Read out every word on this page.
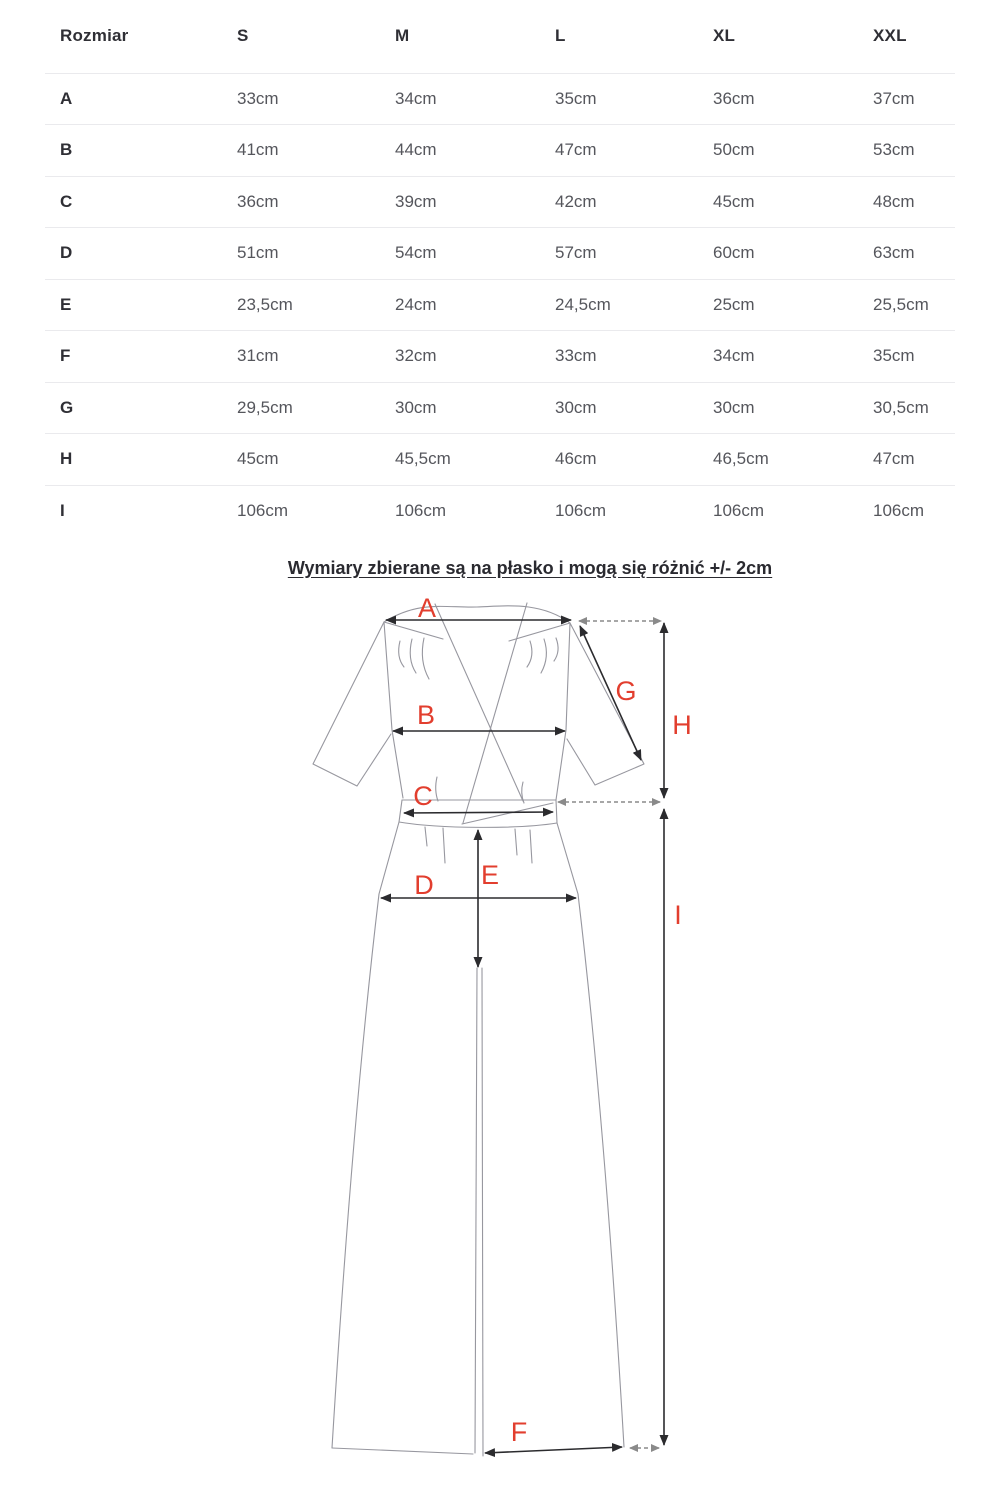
Rozmiar	S	M	L	XL	XXL
A	33cm	34cm	35cm	36cm	37cm
B	41cm	44cm	47cm	50cm	53cm
C	36cm	39cm	42cm	45cm	48cm
D	51cm	54cm	57cm	60cm	63cm
E	23,5cm	24cm	24,5cm	25cm	25,5cm
F	31cm	32cm	33cm	34cm	35cm
G	29,5cm	30cm	30cm	30cm	30,5cm
H	45cm	45,5cm	46cm	46,5cm	47cm
I	106cm	106cm	106cm	106cm	106cm
Wymiary zbierane są na płasko i mogą się różnić +/- 2cm
A
B
C
D E
F
G
H
I
